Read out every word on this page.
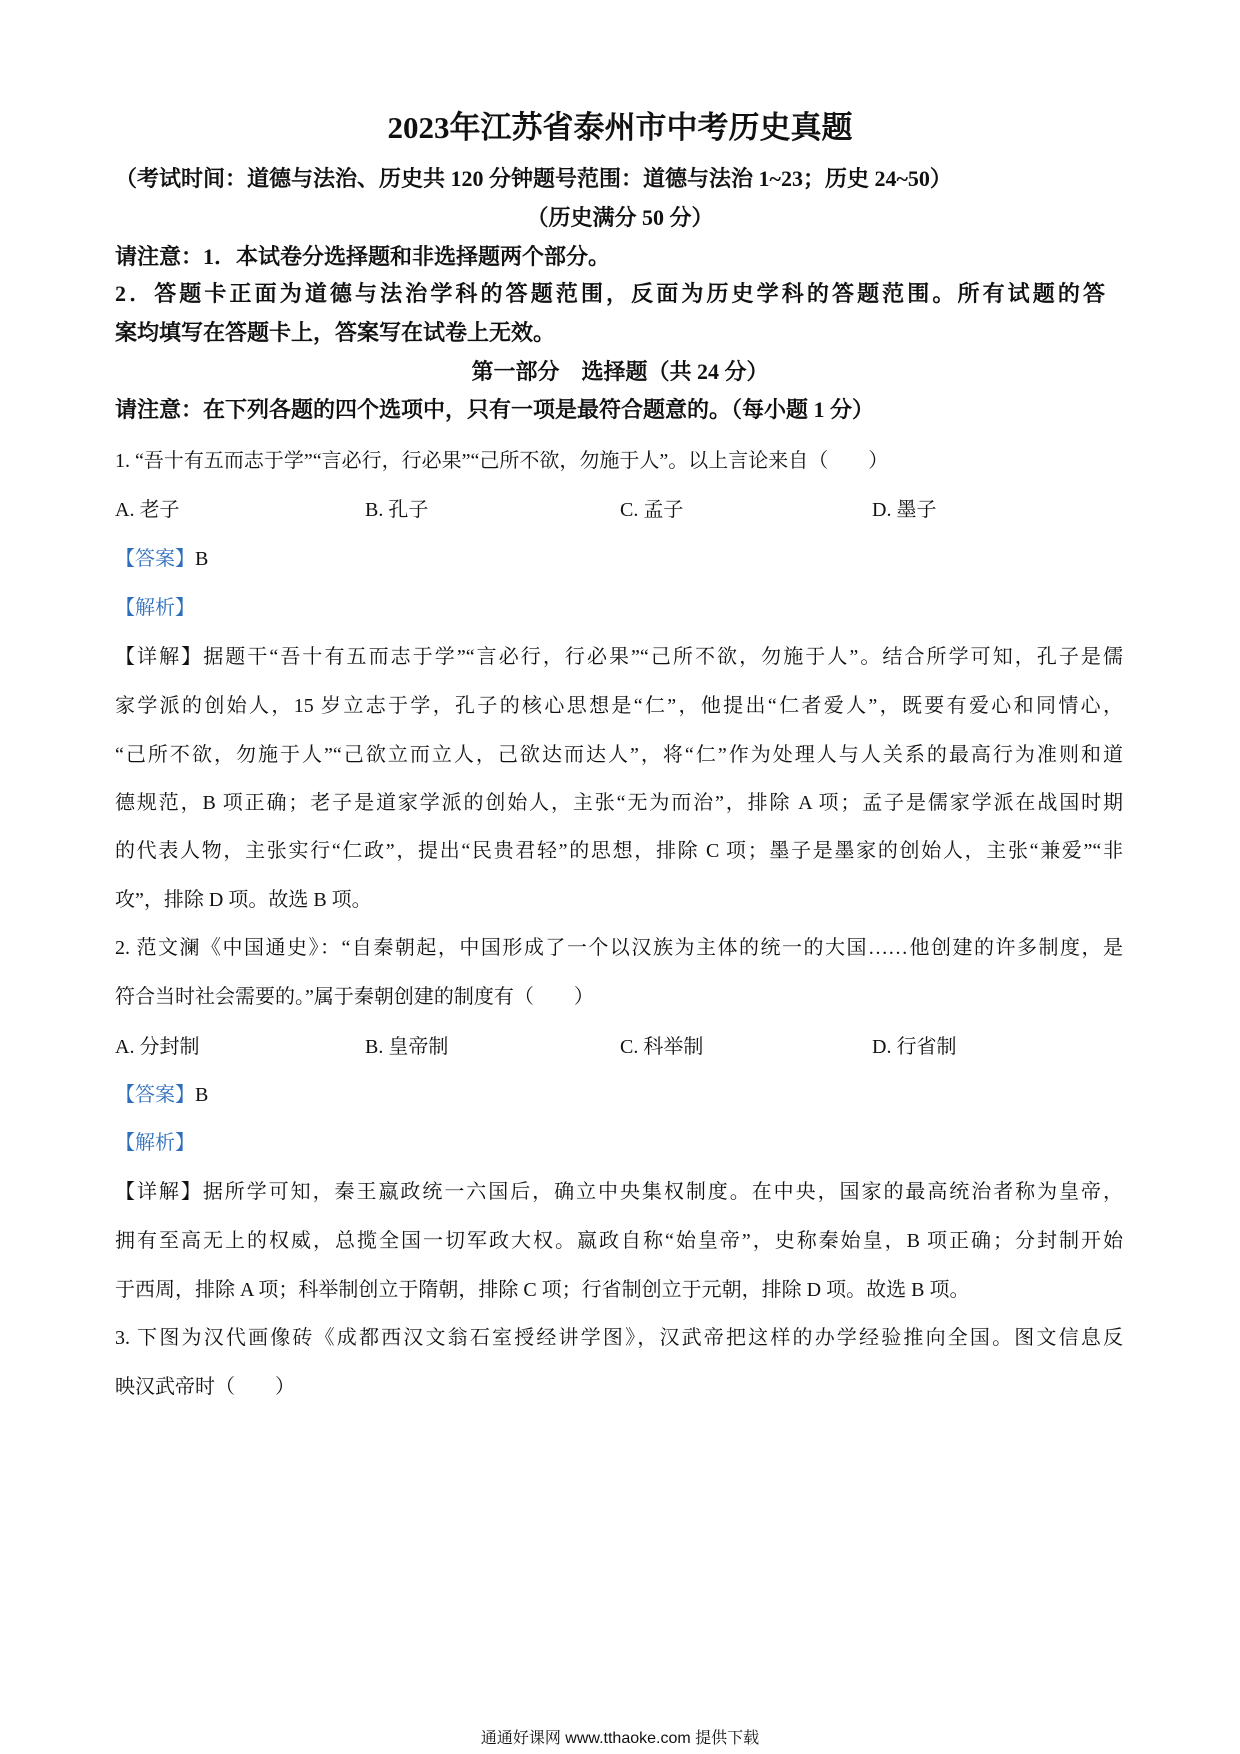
2023年江苏省泰州市中考历史真题
（考试时间：道德与法治、历史共 120 分钟题号范围：道德与法治 1~23；历史 24~50）
（历史满分 50 分）
请注意：1．本试卷分选择题和非选择题两个部分。
2．答题卡正面为道德与法治学科的答题范围，反面为历史学科的答题范围。所有试题的答
案均填写在答题卡上，答案写在试卷上无效。
第一部分　选择题（共 24 分）
请注意：在下列各题的四个选项中，只有一项是最符合题意的。（每小题 1 分）
1. “吾十有五而志于学”“言必行，行必果”“己所不欲，勿施于人”。以上言论来自（　　）
A. 老子	B. 孔子	C. 孟子	D. 墨子
【答案】B
【解析】
【详解】据题干“吾十有五而志于学”“言必行，行必果”“己所不欲，勿施于人”。结合所学可知，孔子是儒
家学派的创始人，15 岁立志于学，孔子的核心思想是“仁”，他提出“仁者爱人”，既要有爱心和同情心，
“己所不欲，勿施于人”“己欲立而立人，己欲达而达人”，将“仁”作为处理人与人关系的最高行为准则和道
德规范，B 项正确；老子是道家学派的创始人，主张“无为而治”，排除 A 项；孟子是儒家学派在战国时期
的代表人物，主张实行“仁政”，提出“民贵君轻”的思想，排除 C 项；墨子是墨家的创始人，主张“兼爱”“非
攻”，排除 D 项。故选 B 项。
2. 范文澜《中国通史》：“自秦朝起，中国形成了一个以汉族为主体的统一的大国……他创建的许多制度，是
符合当时社会需要的。”属于秦朝创建的制度有（　　）
A. 分封制	B. 皇帝制	C. 科举制	D. 行省制
【答案】B
【解析】
【详解】据所学可知，秦王嬴政统一六国后，确立中央集权制度。在中央，国家的最高统治者称为皇帝，
拥有至高无上的权威，总揽全国一切军政大权。嬴政自称“始皇帝”，史称秦始皇，B 项正确；分封制开始
于西周，排除 A 项；科举制创立于隋朝，排除 C 项；行省制创立于元朝，排除 D 项。故选 B 项。
3. 下图为汉代画像砖《成都西汉文翁石室授经讲学图》，汉武帝把这样的办学经验推向全国。图文信息反
映汉武帝时（　　）
通通好课网 www.tthaoke.com 提供下载
